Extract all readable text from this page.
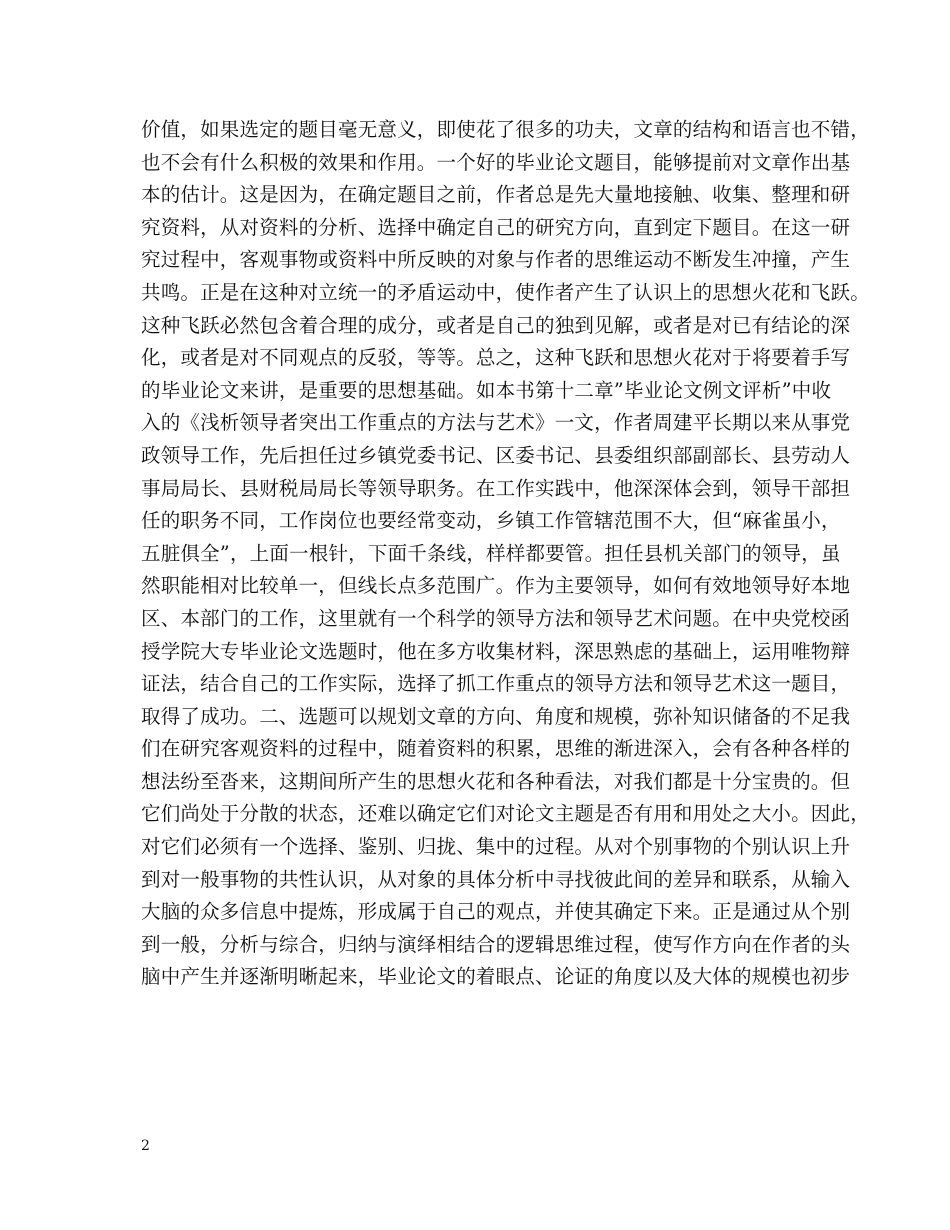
价值，如果选定的题目毫无意义，即使花了很多的功夫，文章的结构和语言也不错，
也不会有什么积极的效果和作用。一个好的毕业论文题目，能够提前对文章作出基
本的估计。这是因为，在确定题目之前，作者总是先大量地接触、收集、整理和研
究资料，从对资料的分析、选择中确定自己的研究方向，直到定下题目。在这一研
究过程中，客观事物或资料中所反映的对象与作者的思维运动不断发生冲撞，产生
共鸣。正是在这种对立统一的矛盾运动中，使作者产生了认识上的思想火花和飞跃。
这种飞跃必然包含着合理的成分，或者是自己的独到见解，或者是对已有结论的深
化，或者是对不同观点的反驳，等等。总之，这种飞跃和思想火花对于将要着手写
的毕业论文来讲，是重要的思想基础。如本书第十二章”毕业论文例文评析”中收
入的《浅析领导者突出工作重点的方法与艺术》一文，作者周建平长期以来从事党
政领导工作，先后担任过乡镇党委书记、区委书记、县委组织部副部长、县劳动人
事局局长、县财税局局长等领导职务。在工作实践中，他深深体会到，领导干部担
任的职务不同，工作岗位也要经常变动，乡镇工作管辖范围不大，但“麻雀虽小，
五脏俱全”，上面一根针，下面千条线，样样都要管。担任县机关部门的领导，虽
然职能相对比较单一，但线长点多范围广。作为主要领导，如何有效地领导好本地
区、本部门的工作，这里就有一个科学的领导方法和领导艺术问题。在中央党校函
授学院大专毕业论文选题时，他在多方收集材料，深思熟虑的基础上，运用唯物辩
证法，结合自己的工作实际，选择了抓工作重点的领导方法和领导艺术这一题目，
取得了成功。二、选题可以规划文章的方向、角度和规模，弥补知识储备的不足我
们在研究客观资料的过程中，随着资料的积累，思维的渐进深入，会有各种各样的
想法纷至沓来，这期间所产生的思想火花和各种看法，对我们都是十分宝贵的。但
它们尚处于分散的状态，还难以确定它们对论文主题是否有用和用处之大小。因此，
对它们必须有一个选择、鉴别、归拢、集中的过程。从对个别事物的个别认识上升
到对一般事物的共性认识，从对象的具体分析中寻找彼此间的差异和联系，从输入
大脑的众多信息中提炼，形成属于自己的观点，并使其确定下来。正是通过从个别
到一般，分析与综合，归纳与演绎相结合的逻辑思维过程，使写作方向在作者的头
脑中产生并逐渐明晰起来，毕业论文的着眼点、论证的角度以及大体的规模也初步
2
